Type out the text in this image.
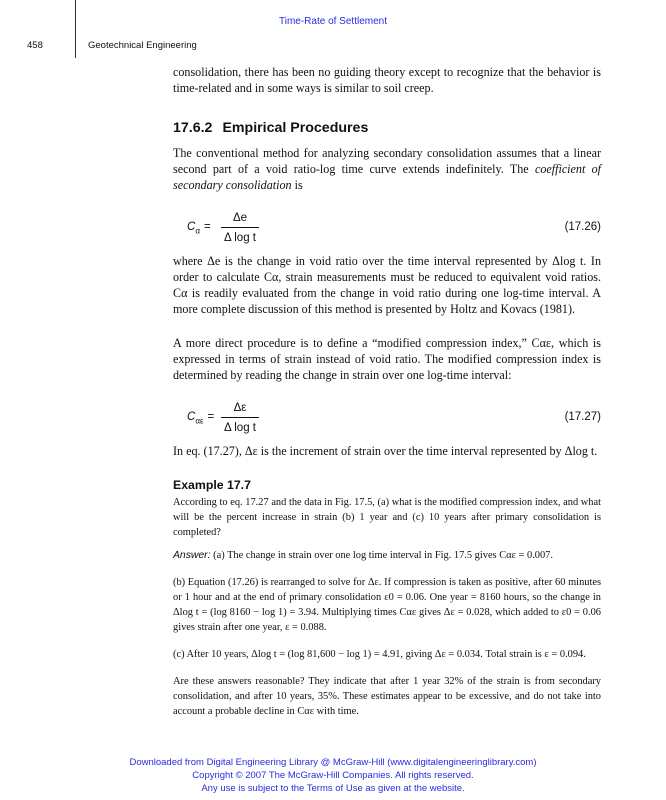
Time-Rate of Settlement
458	Geotechnical Engineering

consolidation, there has been no guiding theory except to recognize that the behavior is time-related and in some ways is similar to soil creep.

17.6.2 Empirical Procedures

The conventional method for analyzing secondary consolidation assumes that a linear second part of a void ratio-log time curve extends indefinitely. The coefficient of secondary consolidation is

$C_\alpha = \frac{\Delta e}{\text{Δ log t}}$	(17.26)

where Δe is the change in void ratio over the time interval represented by Δlog t. In order to calculate Cα, strain measurements must be reduced to equivalent void ratios. Cα is readily evaluated from the change in void ratio during one log-time interval. A more complete discussion of this method is presented by Holtz and Kovacs (1981).

A more direct procedure is to define a “modified compression index,” Cαε, which is expressed in terms of strain instead of void ratio. The modified compression index is determined by reading the change in strain over one log-time interval:

$C_{\alpha\varepsilon} = \frac{\Delta\varepsilon}{\text{Δ log t}}$	(17.27)

In eq. (17.27), Δε is the increment of strain over the time interval represented by Δlog t.

Example 17.7

According to eq. 17.27 and the data in Fig. 17.5, (a) what is the modified compression index, and what will be the percent increase in strain (b) 1 year and (c) 10 years after primary consolidation is completed?

Answer: (a) The change in strain over one log time interval in Fig. 17.5 gives Cαε = 0.007.

(b) Equation (17.26) is rearranged to solve for Δε. If compression is taken as positive, after 60 minutes or 1 hour and at the end of primary consolidation ε0 = 0.06. One year = 8160 hours, so the change in Δlog t = (log 8160 − log 1) = 3.94. Multiplying times Cαε gives Δε = 0.028, which added to ε0 = 0.06 gives strain after one year, ε = 0.088.

(c) After 10 years, Δlog t = (log 81,600 − log 1) = 4.91, giving Δε = 0.034. Total strain is ε = 0.094.

Are these answers reasonable? They indicate that after 1 year 32% of the strain is from secondary consolidation, and after 10 years, 35%. These estimates appear to be excessive, and do not take into account a probable decline in Cαε with time.

Downloaded from Digital Engineering Library @ McGraw-Hill (www.digitalengineeringlibrary.com)
Copyright © 2007 The McGraw-Hill Companies. All rights reserved.
Any use is subject to the Terms of Use as given at the website.
